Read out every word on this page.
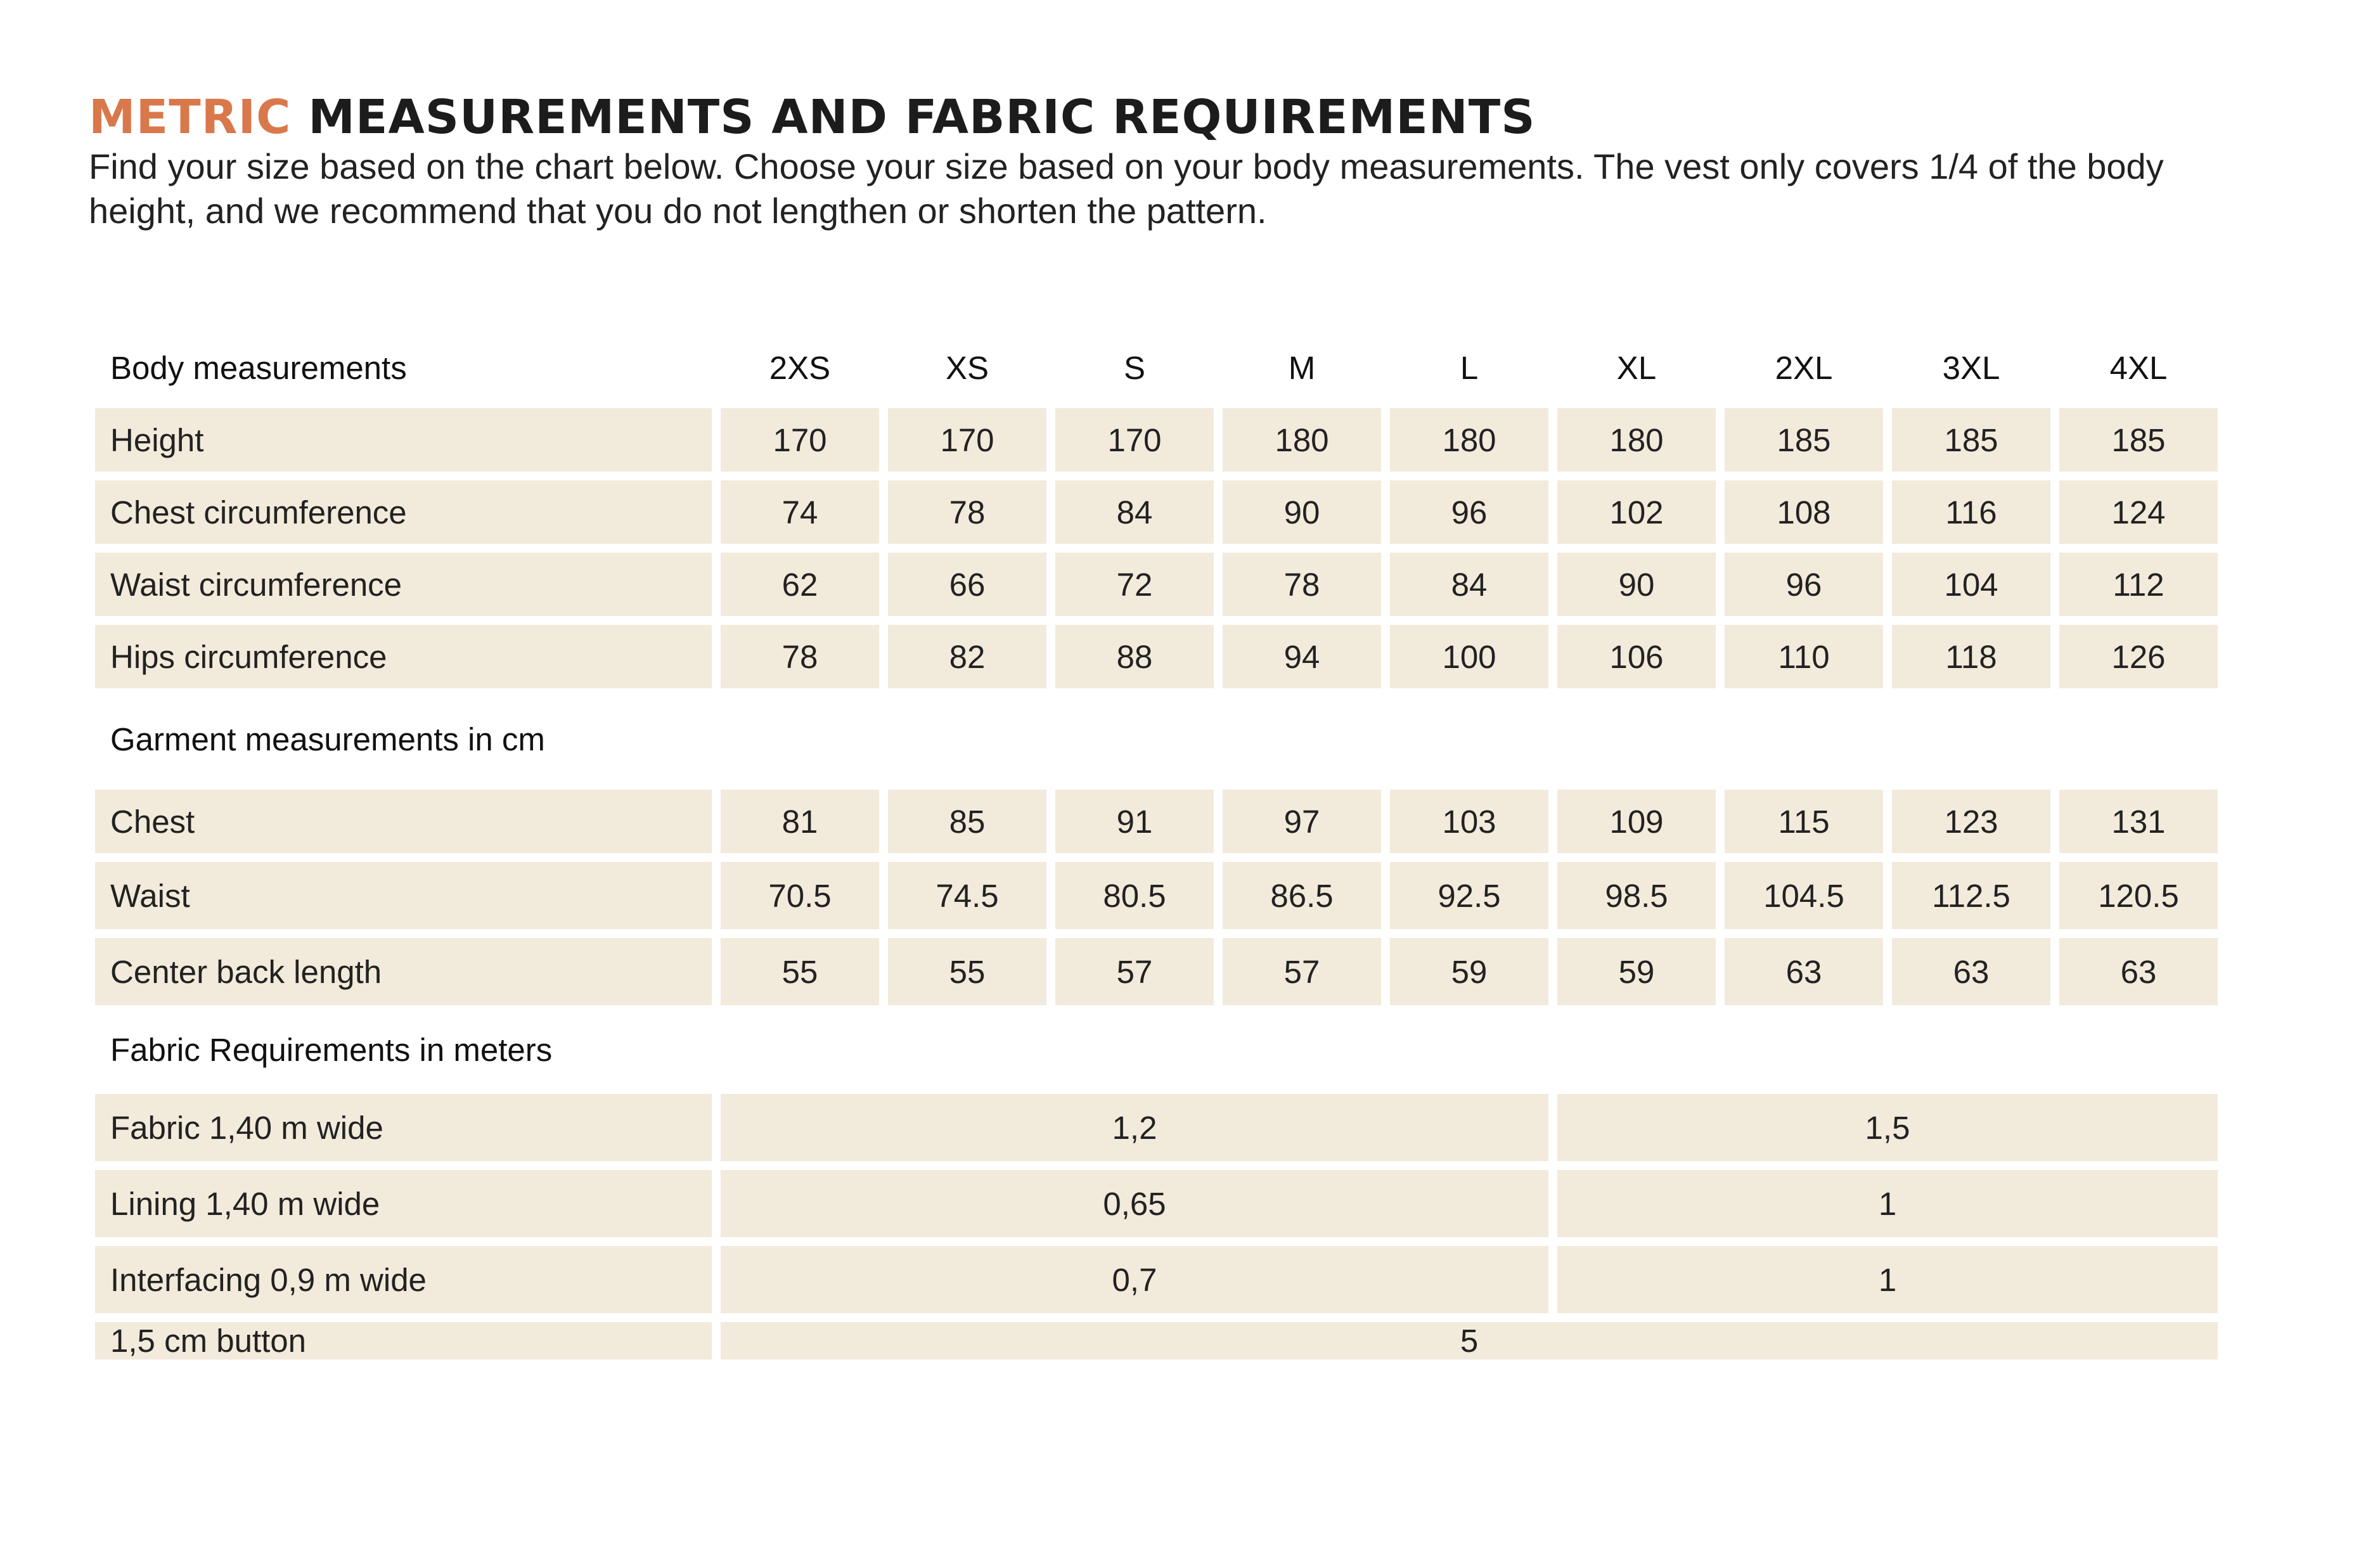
METRIC MEASUREMENTS AND FABRIC REQUIREMENTS

Find your size based on the chart below. Choose your size based on your body measurements. The vest only covers 1/4 of the body height, and we recommend that you do not lengthen or shorten the pattern.

Body measurements	2XS	XS	S	M	L	XL	2XL	3XL	4XL
Height	170	170	170	180	180	180	185	185	185
Chest circumference	74	78	84	90	96	102	108	116	124
Waist circumference	62	66	72	78	84	90	96	104	112
Hips circumference	78	82	88	94	100	106	110	118	126
Garment measurements in cm
Chest	81	85	91	97	103	109	115	123	131
Waist	70.5	74.5	80.5	86.5	92.5	98.5	104.5	112.5	120.5
Center back length	55	55	57	57	59	59	63	63	63
Fabric Requirements in meters
Fabric 1,40 m wide	1,2	1,5
Lining 1,40 m wide	0,65	1
Interfacing 0,9 m wide	0,7	1
1,5 cm button	5
